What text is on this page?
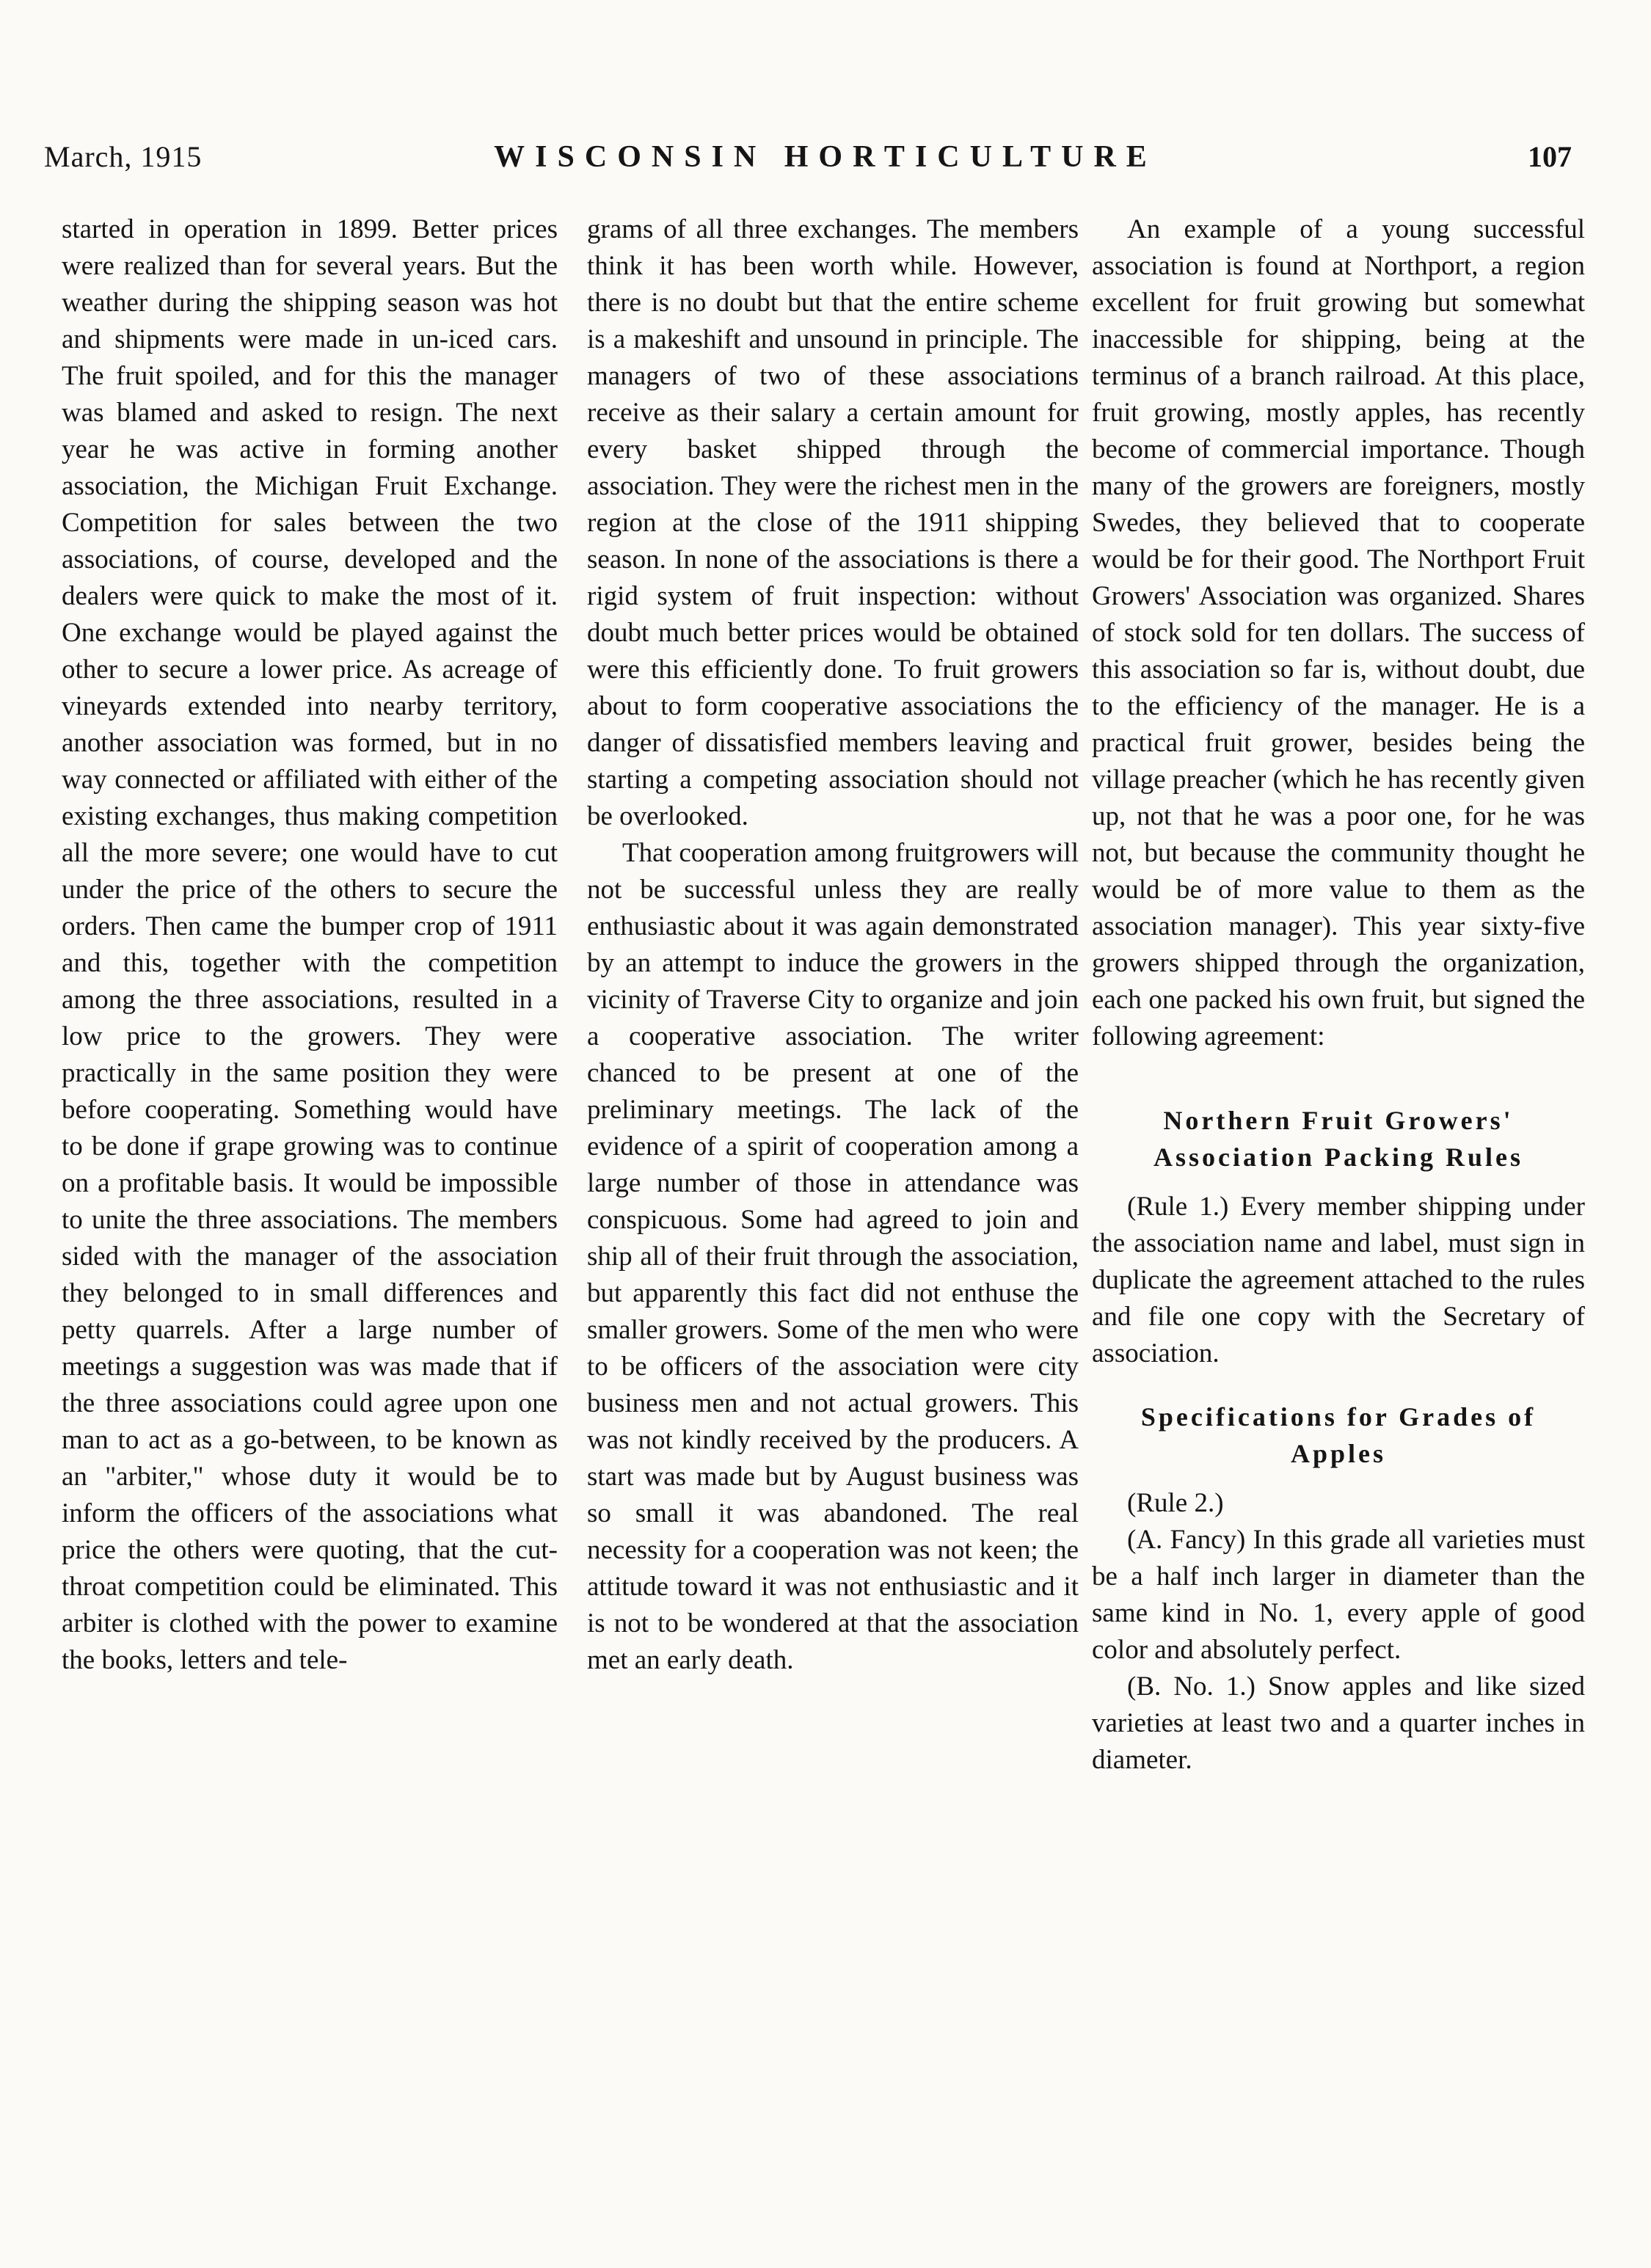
March, 1915	WISCONSIN HORTICULTURE	107

started in operation in 1899. Better prices were realized than for several years. But the weather during the shipping season was hot and shipments were made in un-iced cars. The fruit spoiled, and for this the manager was blamed and asked to resign. The next year he was active in forming another association, the Michigan Fruit Exchange. Competition for sales between the two associations, of course, developed and the dealers were quick to make the most of it. One exchange would be played against the other to secure a lower price. As acreage of vineyards extended into nearby territory, another association was formed, but in no way connected or affiliated with either of the existing exchanges, thus making competition all the more severe; one would have to cut under the price of the others to secure the orders. Then came the bumper crop of 1911 and this, together with the competition among the three associations, resulted in a low price to the growers. They were practically in the same position they were before cooperating. Something would have to be done if grape growing was to continue on a profitable basis. It would be impossible to unite the three associations. The members sided with the manager of the association they belonged to in small differences and petty quarrels. After a large number of meetings a suggestion was was made that if the three associations could agree upon one man to act as a go-between, to be known as an "arbiter," whose duty it would be to inform the officers of the associations what price the others were quoting, that the cut-throat competition could be eliminated. This arbiter is clothed with the power to examine the books, letters and tele-

grams of all three exchanges. The members think it has been worth while. However, there is no doubt but that the entire scheme is a makeshift and unsound in principle. The managers of two of these associations receive as their salary a certain amount for every basket shipped through the association. They were the richest men in the region at the close of the 1911 shipping season. In none of the associations is there a rigid system of fruit inspection: without doubt much better prices would be obtained were this efficiently done. To fruit growers about to form cooperative associations the danger of dissatisfied members leaving and starting a competing association should not be overlooked.

That cooperation among fruitgrowers will not be successful unless they are really enthusiastic about it was again demonstrated by an attempt to induce the growers in the vicinity of Traverse City to organize and join a cooperative association. The writer chanced to be present at one of the preliminary meetings. The lack of the evidence of a spirit of cooperation among a large number of those in attendance was conspicuous. Some had agreed to join and ship all of their fruit through the association, but apparently this fact did not enthuse the smaller growers. Some of the men who were to be officers of the association were city business men and not actual growers. This was not kindly received by the producers. A start was made but by August business was so small it was abandoned. The real necessity for a cooperation was not keen; the attitude toward it was not enthusiastic and it is not to be wondered at that the association met an early death.

An example of a young successful association is found at Northport, a region excellent for fruit growing but somewhat inaccessible for shipping, being at the terminus of a branch railroad. At this place, fruit growing, mostly apples, has recently become of commercial importance. Though many of the growers are foreigners, mostly Swedes, they believed that to cooperate would be for their good. The Northport Fruit Growers' Association was organized. Shares of stock sold for ten dollars. The success of this association so far is, without doubt, due to the efficiency of the manager. He is a practical fruit grower, besides being the village preacher (which he has recently given up, not that he was a poor one, for he was not, but because the community thought he would be of more value to them as the association manager). This year sixty-five growers shipped through the organization, each one packed his own fruit, but signed the following agreement:

Northern Fruit Growers' Association Packing Rules

(Rule 1.) Every member shipping under the association name and label, must sign in duplicate the agreement attached to the rules and file one copy with the Secretary of association.

Specifications for Grades of Apples

(Rule 2.)

(A. Fancy) In this grade all varieties must be a half inch larger in diameter than the same kind in No. 1, every apple of good color and absolutely perfect.

(B. No. 1.) Snow apples and like sized varieties at least two and a quarter inches in diameter.
